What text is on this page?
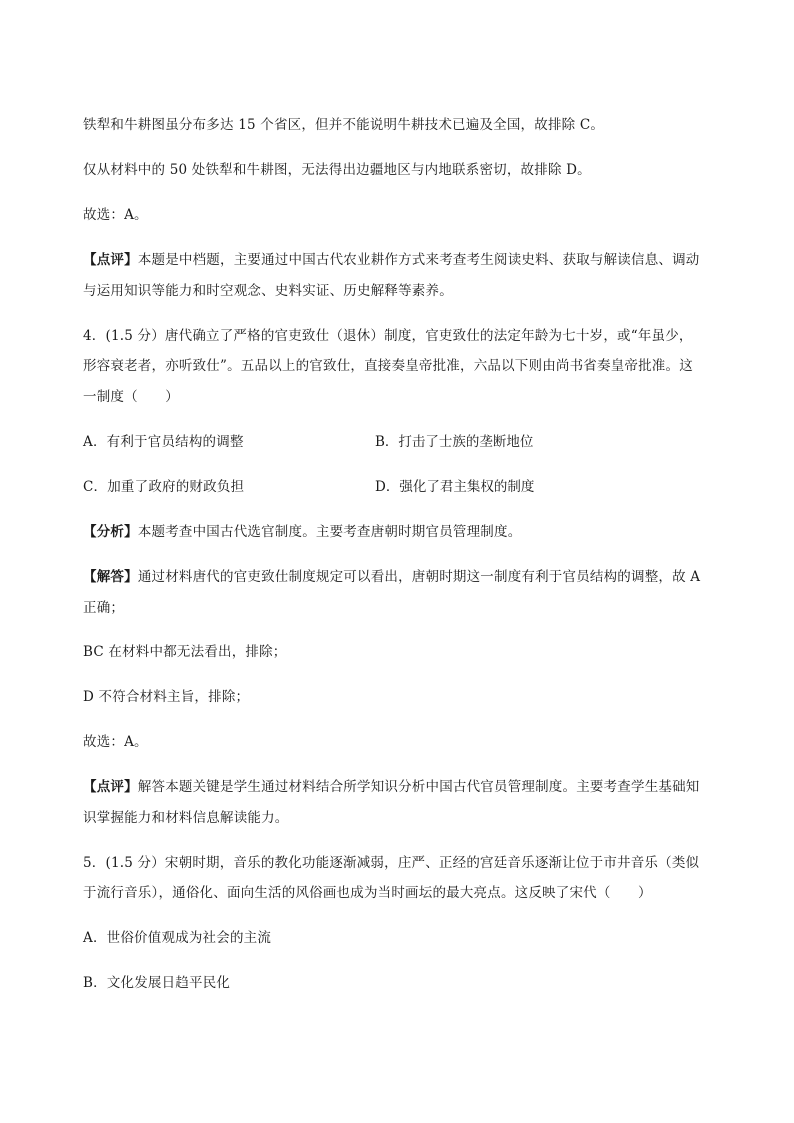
铁犁和牛耕图虽分布多达 15 个省区，但并不能说明牛耕技术已遍及全国，故排除 C。
仅从材料中的 50 处铁犁和牛耕图，无法得出边疆地区与内地联系密切，故排除 D。
故选：A。
【点评】本题是中档题，主要通过中国古代农业耕作方式来考查考生阅读史料、获取与解读信息、调动
与运用知识等能力和时空观念、史料实证、历史解释等素养。
4．(1.5 分）唐代确立了严格的官吏致仕（退休）制度，官吏致仕的法定年龄为七十岁，或“年虽少，
形容衰老者，亦听致仕”。五品以上的官致仕，直接奏皇帝批准，六品以下则由尚书省奏皇帝批准。这
一制度（　　）
A．有利于官员结构的调整	B．打击了士族的垄断地位
C．加重了政府的财政负担	D．强化了君主集权的制度
【分析】本题考查中国古代选官制度。主要考查唐朝时期官员管理制度。
【解答】通过材料唐代的官吏致仕制度规定可以看出，唐朝时期这一制度有利于官员结构的调整，故 A
正确；
BC 在材料中都无法看出，排除；
D 不符合材料主旨，排除；
故选：A。
【点评】解答本题关键是学生通过材料结合所学知识分析中国古代官员管理制度。主要考查学生基础知
识掌握能力和材料信息解读能力。
5．(1.5 分）宋朝时期，音乐的教化功能逐渐减弱，庄严、正经的宫廷音乐逐渐让位于市井音乐（类似
于流行音乐），通俗化、面向生活的风俗画也成为当时画坛的最大亮点。这反映了宋代（　　）
A．世俗价值观成为社会的主流
B．文化发展日趋平民化
